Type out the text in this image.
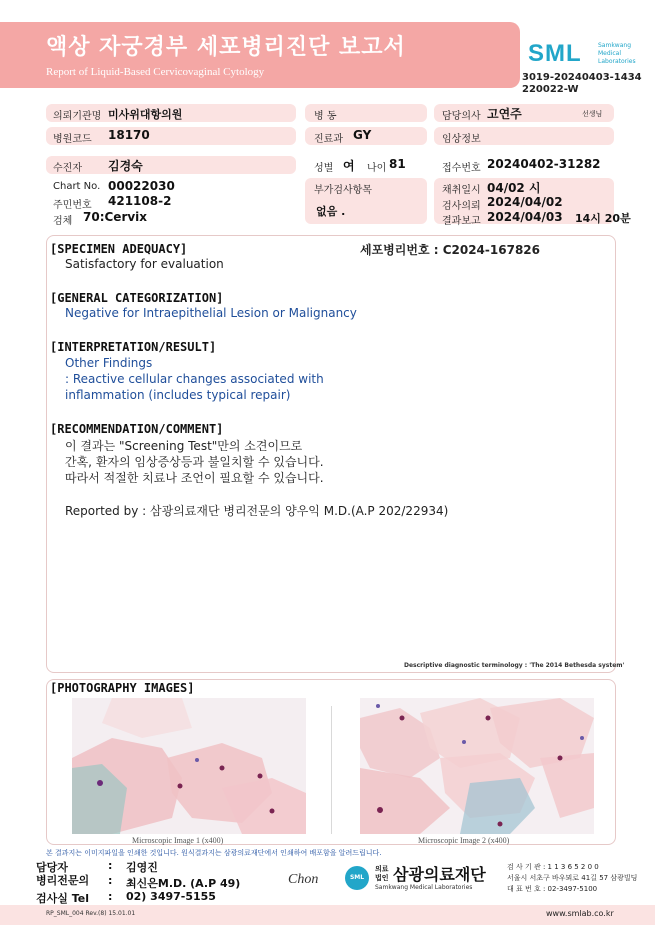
액상 자궁경부 세포병리진단 보고서
Report of Liquid-Based Cervicovaginal Cytology
SML	Samkwang Medical Laboratories
3019-20240403-1434
220022-W
의뢰기관명 미사위대항의원	병 동	담당의사 고연주	선생님
병원코드 18170	진료과 GY	임상정보
수진자 김경숙	성별 여 나이 81	접수번호 20240402-31282
Chart No. 00022030
주민번호 421108-2
검체 70:Cervix
부가검사항목
없음 .
채취일시 04/02 시
검사의뢰 2024/04/02
결과보고 2024/04/03 14시 20분
[SPECIMEN ADEQUACY]	세포병리번호 : C2024-167826
Satisfactory for evaluation
[GENERAL CATEGORIZATION]
Negative for Intraepithelial Lesion or Malignancy
[INTERPRETATION/RESULT]
Other Findings
: Reactive cellular changes associated with
inflammation (includes typical repair)
[RECOMMENDATION/COMMENT]
이 결과는 "Screening Test"만의 소견이므로
간혹, 환자의 임상증상등과 불일치할 수 있습니다.
따라서 적절한 치료나 조언이 필요할 수 있습니다.
Reported by : 삼광의료재단 병리전문의 양우익 M.D.(A.P 202/22934)
Descriptive diagnostic terminology : 'The 2014 Bethesda system'
[PHOTOGRAPHY IMAGES]
Microscopic Image 1 (x400)	Microscopic Image 2 (x400)
본 결과지는 이미지파일을 인쇄한 것입니다. 원식결과지는 삼광의료재단에서 인쇄하여 배포함을 알려드립니다.
담당자	: 김영진
병리전문의 : 최신은M.D. (A.P 49)
검사실 Tel : 02) 3497-5155
Chon	SML
의료
법인 삼광의료재단
Samkwang Medical Laboratories
검 사 기 관 : 1 1 3 6 5 2 0 0
서울시 서초구 바우뫼로 41길 57 삼광빌딩
대 표 번 호 : 02-3497-5100
RP_SML_004 Rev.(8) 15.01.01	www.smlab.co.kr
